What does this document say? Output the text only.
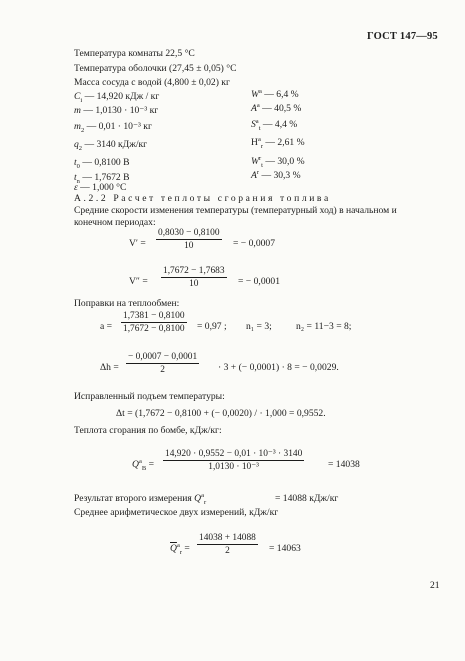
ГОСТ 147—95
Температура комнаты 22,5 °С
Температура оболочки (27,45 ± 0,05) °С
Масса сосуда с водой (4,800 ± 0,02) кг
$C_i$ — 14,920 кДж / кг
m — 1,0130 · 10⁻³ кг
$m_2$ — 0,01 · 10⁻³ кг
$q_2$ — 3140 кДж/кг
$t_0$ — 0,8100 В
$t_n$ — 1,7672 В
ε — 1,000 °С
$W^a$ — 6,4 %
$A^a$ — 40,5 %
$S^a_t$ — 4,4 %
$H^a_r$ — 2,61 %
$W^r_t$ — 30,0 %
$A^r$ — 30,3 %
А.2.2 Расчет теплоты сгорания топлива
Средние скорости изменения температуры (температурный ход) в начальном и
конечном периодах:
$V' = \frac{0,8030 - 0,8100}{10}$ = − 0,0007
$V'' = \frac{1,7672 - 1,7683}{10}$ = − 0,0001
Поправки на теплообмен:
$a = \frac{1,7381 - 0,8100}{1,7672 - 0,8100} = 0,97$ ; n₁ = 3;	n₂ = 11−3 = 8;
$\Delta h = \frac{- 0,0007 - 0,0001}{2} \cdot 3$ + (− 0,0001) · 8 = − 0,0029.
Исправленный подъем температуры:
Δt = (1,7672 − 0,8100 + (− 0,0020) / · 1,000 = 0,9552.
Теплота сгорания по бомбе, кДж/кг:
$Q^a_B = \frac{\text{14,920 · 0,9552 − 0,01 · 10⁻³ · 3140}}{\text{1,0130 · 10⁻³}} = 14038$
Результат второго измерения $Q^a_r$	= 14088 кДж/кг
Среднее арифметическое двух измерений, кДж/кг
$\overline{Q}^a_r = \frac{14038 + 14088}{2} = 14063$
21
